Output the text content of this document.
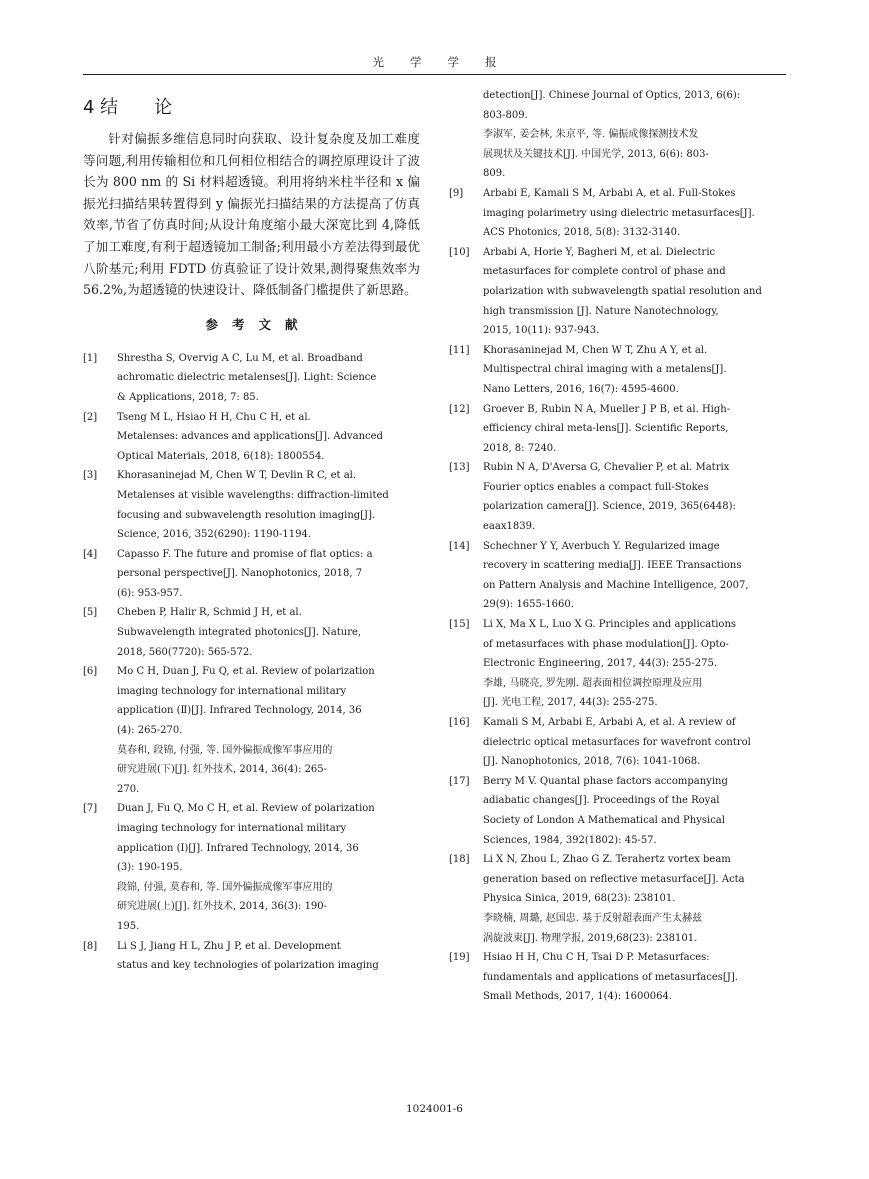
光学学报
4 结　　论

针对偏振多维信息同时向获取、设计复杂度及加工难度等问题,利用传输相位和几何相位相结合的调控原理设计了波长为 800 nm 的 Si 材料超透镜。利用将纳米柱半径和 x 偏振光扫描结果转置得到 y 偏振光扫描结果的方法提高了仿真效率,节省了仿真时间;从设计角度缩小最大深宽比到 4,降低了加工难度,有利于超透镜加工制备;利用最小方差法得到最优八阶基元;利用 FDTD 仿真验证了设计效果,测得聚焦效率为 56.2%,为超透镜的快速设计、降低制备门槛提供了新思路。

参考文献
[1]	Shrestha S, Overvig A C, Lu M, et al. Broadband
achromatic dielectric metalenses[J]. Light: Science
& Applications, 2018, 7: 85.
[2]	Tseng M L, Hsiao H H, Chu C H, et al.
Metalenses: advances and applications[J]. Advanced
Optical Materials, 2018, 6(18): 1800554.
[3]	Khorasaninejad M, Chen W T, Devlin R C, et al.
Metalenses at visible wavelengths: diffraction-limited
focusing and subwavelength resolution imaging[J].
Science, 2016, 352(6290): 1190-1194.
[4]	Capasso F. The future and promise of flat optics: a
personal perspective[J]. Nanophotonics, 2018, 7
(6): 953-957.
[5]	Cheben P, Halir R, Schmid J H, et al.
Subwavelength integrated photonics[J]. Nature,
2018, 560(7720): 565-572.
[6]	Mo C H, Duan J, Fu Q, et al. Review of polarization
imaging technology for international military
application (Ⅱ)[J]. Infrared Technology, 2014, 36
(4): 265-270.
莫春和, 段锦, 付强, 等. 国外偏振成像军事应用的
研究进展(下)[J]. 红外技术, 2014, 36(4): 265-
270.
[7]	Duan J, Fu Q, Mo C H, et al. Review of polarization
imaging technology for international military
application (Ⅰ)[J]. Infrared Technology, 2014, 36
(3): 190-195.
段锦, 付强, 莫春和, 等. 国外偏振成像军事应用的
研究进展(上)[J]. 红外技术, 2014, 36(3): 190-
195.
[8]	Li S J, Jiang H L, Zhu J P, et al. Development
status and key technologies of polarization imaging
detection[J]. Chinese Journal of Optics, 2013, 6(6):
803-809.
李淑军, 姜会林, 朱京平, 等. 偏振成像探测技术发
展现状及关键技术[J]. 中国光学, 2013, 6(6): 803-
809.
[9]	Arbabi E, Kamali S M, Arbabi A, et al. Full-Stokes
imaging polarimetry using dielectric metasurfaces[J].
ACS Photonics, 2018, 5(8): 3132-3140.
[10]	Arbabi A, Horie Y, Bagheri M, et al. Dielectric
metasurfaces for complete control of phase and
polarization with subwavelength spatial resolution and
high transmission [J]. Nature Nanotechnology,
2015, 10(11): 937-943.
[11]	Khorasaninejad M, Chen W T, Zhu A Y, et al.
Multispectral chiral imaging with a metalens[J].
Nano Letters, 2016, 16(7): 4595-4600.
[12]	Groever B, Rubin N A, Mueller J P B, et al. High-
efficiency chiral meta-lens[J]. Scientific Reports,
2018, 8: 7240.
[13]	Rubin N A, D'Aversa G, Chevalier P, et al. Matrix
Fourier optics enables a compact full-Stokes
polarization camera[J]. Science, 2019, 365(6448):
eaax1839.
[14]	Schechner Y Y, Averbuch Y. Regularized image
recovery in scattering media[J]. IEEE Transactions
on Pattern Analysis and Machine Intelligence, 2007,
29(9): 1655-1660.
[15]	Li X, Ma X L, Luo X G. Principles and applications
of metasurfaces with phase modulation[J]. Opto-
Electronic Engineering, 2017, 44(3): 255-275.
李雄, 马晓亮, 罗先刚. 超表面相位调控原理及应用
[J]. 光电工程, 2017, 44(3): 255-275.
[16]	Kamali S M, Arbabi E, Arbabi A, et al. A review of
dielectric optical metasurfaces for wavefront control
[J]. Nanophotonics, 2018, 7(6): 1041-1068.
[17]	Berry M V. Quantal phase factors accompanying
adiabatic changes[J]. Proceedings of the Royal
Society of London A Mathematical and Physical
Sciences, 1984, 392(1802): 45-57.
[18]	Li X N, Zhou L, Zhao G Z. Terahertz vortex beam
generation based on reflective metasurface[J]. Acta
Physica Sinica, 2019, 68(23): 238101.
李晓楠, 周璐, 赵国忠. 基于反射超表面产生太赫兹
涡旋波束[J]. 物理学报, 2019,68(23): 238101.
[19]	Hsiao H H, Chu C H, Tsai D P. Metasurfaces:
fundamentals and applications of metasurfaces[J].
Small Methods, 2017, 1(4): 1600064.
1024001-6
